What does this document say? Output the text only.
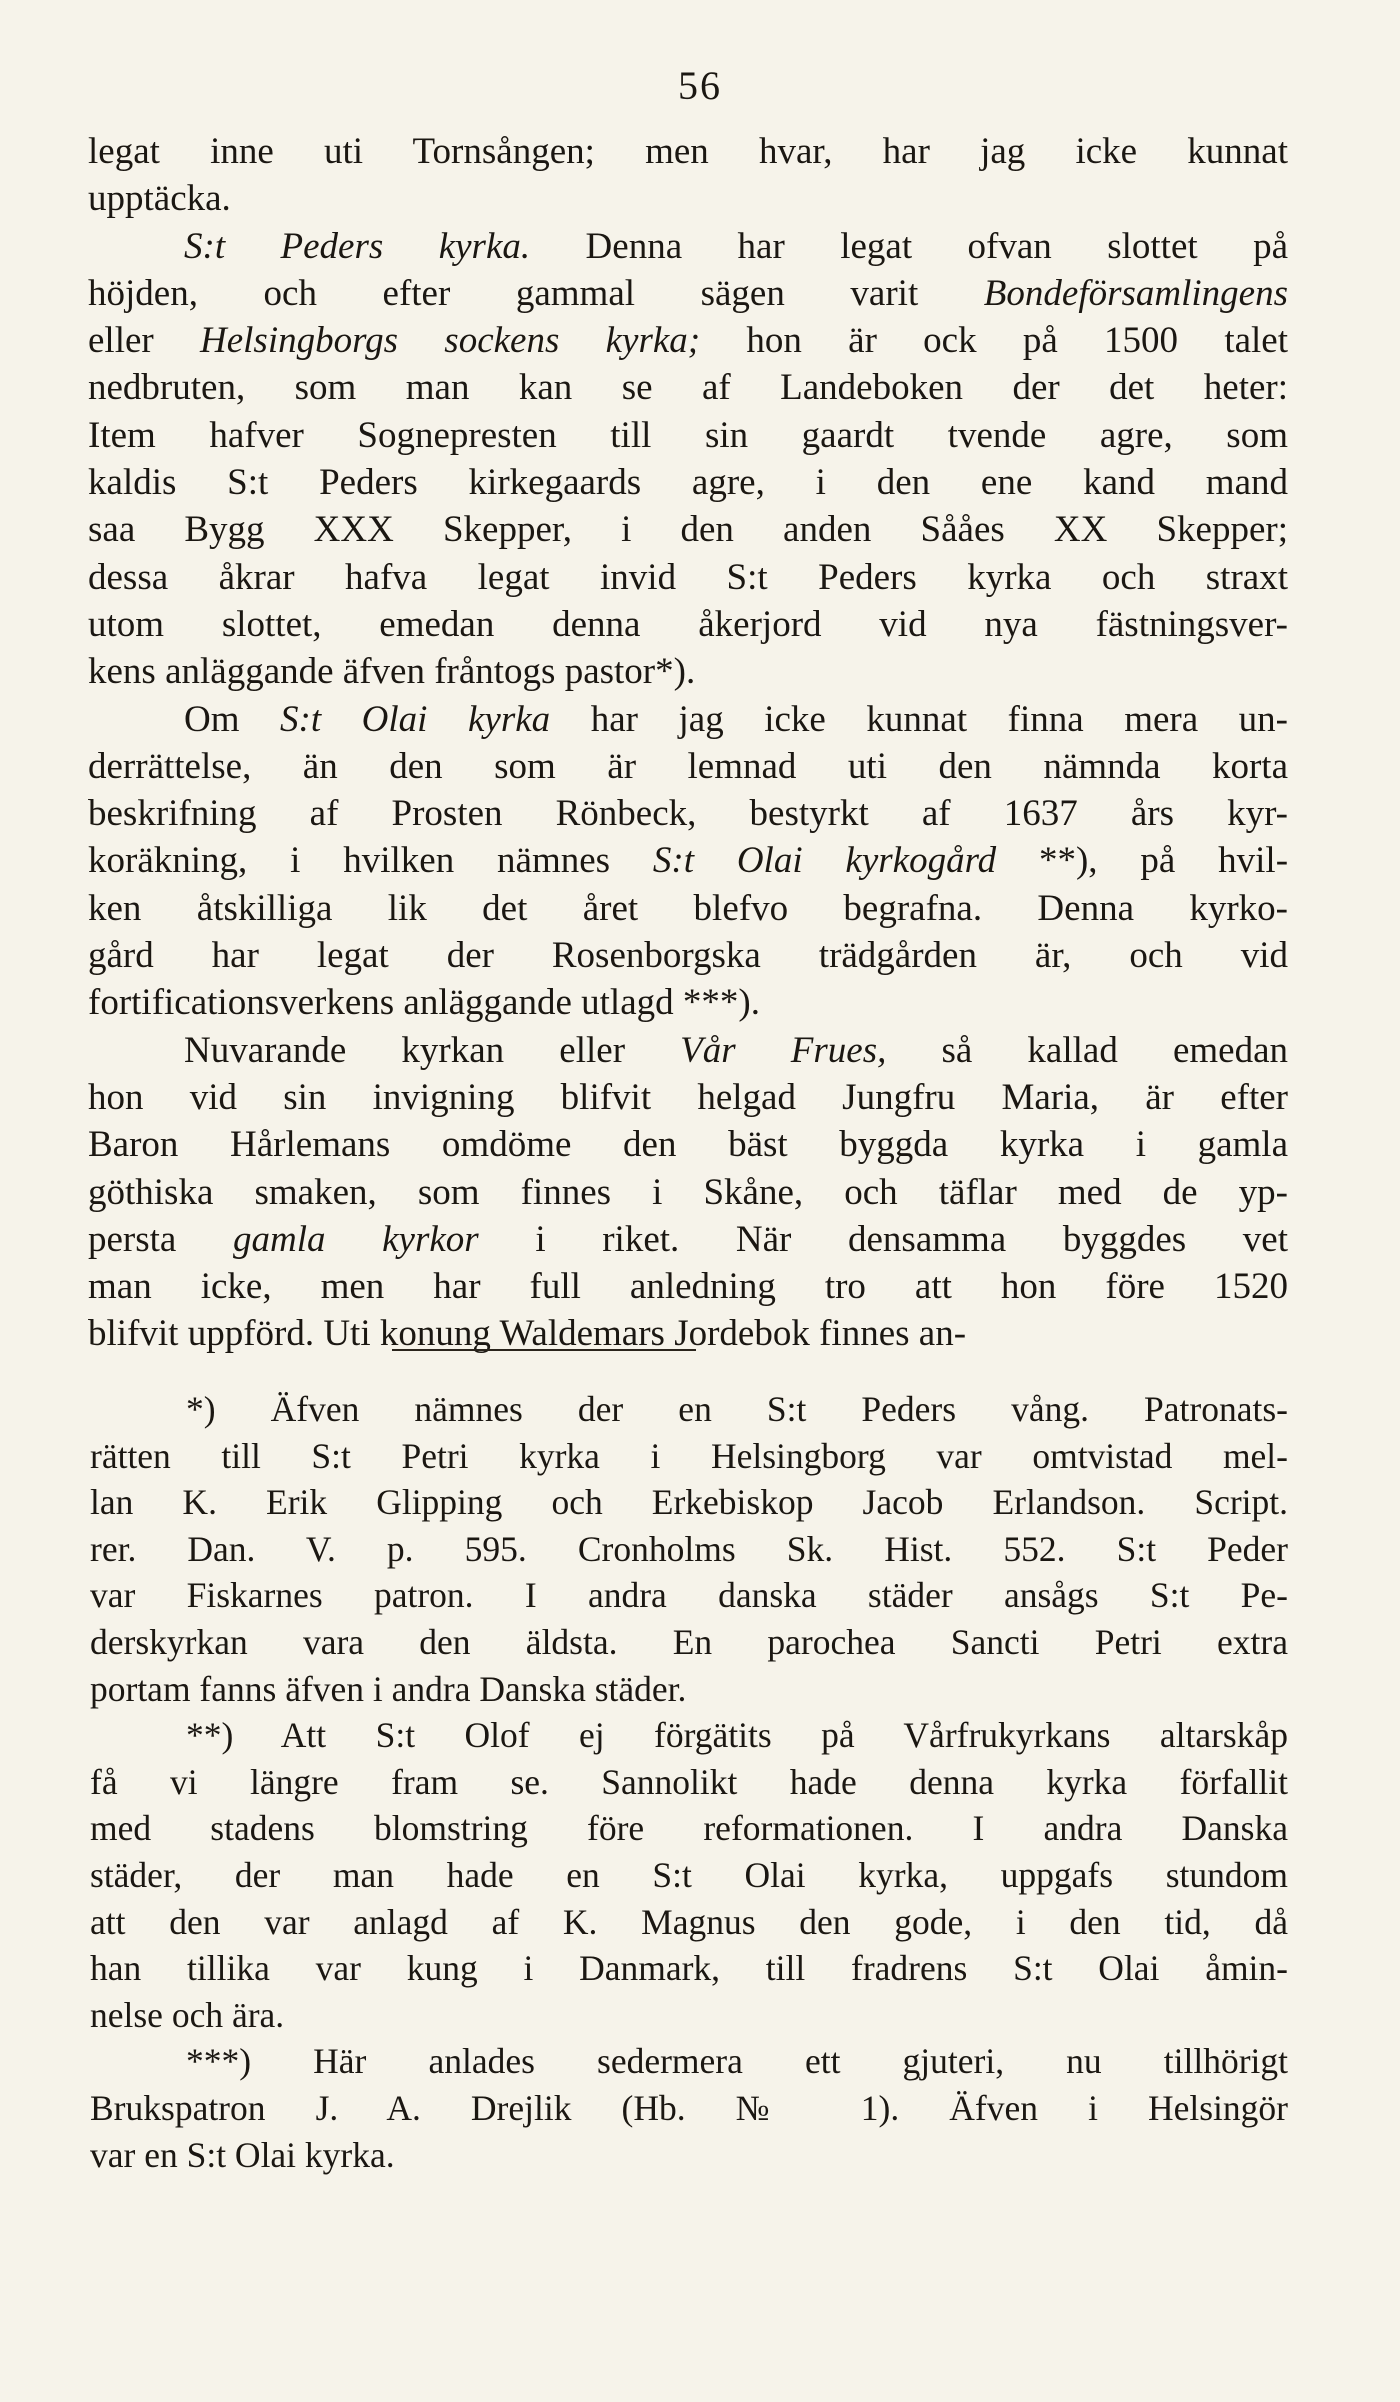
56
legat inne uti Tornsången; men hvar, har jag icke kunnat
upptäcka.
S:t Peders kyrka. Denna har legat ofvan slottet på
höjden, och efter gammal sägen varit Bondeförsamlingens
eller Helsingborgs sockens kyrka; hon är ock på 1500 talet
nedbruten, som man kan se af Landeboken der det heter:
Item hafver Sognepresten till sin gaardt tvende agre, som
kaldis S:t Peders kirkegaards agre, i den ene kand mand
saa Bygg XXX Skepper, i den anden Sååes XX Skepper;
dessa åkrar hafva legat invid S:t Peders kyrka och straxt
utom slottet, emedan denna åkerjord vid nya fästningsver-
kens anläggande äfven fråntogs pastor*).
Om S:t Olai kyrka har jag icke kunnat finna mera un-
derrättelse, än den som är lemnad uti den nämnda korta
beskrifning af Prosten Rönbeck, bestyrkt af 1637 års kyr-
koräkning, i hvilken nämnes S:t Olai kyrkogård **), på hvil-
ken åtskilliga lik det året blefvo begrafna. Denna kyrko-
gård har legat der Rosenborgska trädgården är, och vid
fortificationsverkens anläggande utlagd ***).
Nuvarande kyrkan eller Vår Frues, så kallad emedan
hon vid sin invigning blifvit helgad Jungfru Maria, är efter
Baron Hårlemans omdöme den bäst byggda kyrka i gamla
göthiska smaken, som finnes i Skåne, och täflar med de yp-
persta gamla kyrkor i riket. När densamma byggdes vet
man icke, men har full anledning tro att hon före 1520
blifvit uppförd. Uti konung Waldemars Jordebok finnes an-
*) Äfven nämnes der en S:t Peders vång. Patronats-
rätten till S:t Petri kyrka i Helsingborg var omtvistad mel-
lan K. Erik Glipping och Erkebiskop Jacob Erlandson. Script.
rer. Dan. V. p. 595. Cronholms Sk. Hist. 552. S:t Peder
var Fiskarnes patron. I andra danska städer ansågs S:t Pe-
derskyrkan vara den äldsta. En parochea Sancti Petri extra
portam fanns äfven i andra Danska städer.
**) Att S:t Olof ej förgätits på Vårfrukyrkans altarskåp
få vi längre fram se. Sannolikt hade denna kyrka förfallit
med stadens blomstring före reformationen. I andra Danska
städer, der man hade en S:t Olai kyrka, uppgafs stundom
att den var anlagd af K. Magnus den gode, i den tid, då
han tillika var kung i Danmark, till fradrens S:t Olai åmin-
nelse och ära.
***) Här anlades sedermera ett gjuteri, nu tillhörigt
Brukspatron J. A. Drejlik (Hb. № 1). Äfven i Helsingör
var en S:t Olai kyrka.
